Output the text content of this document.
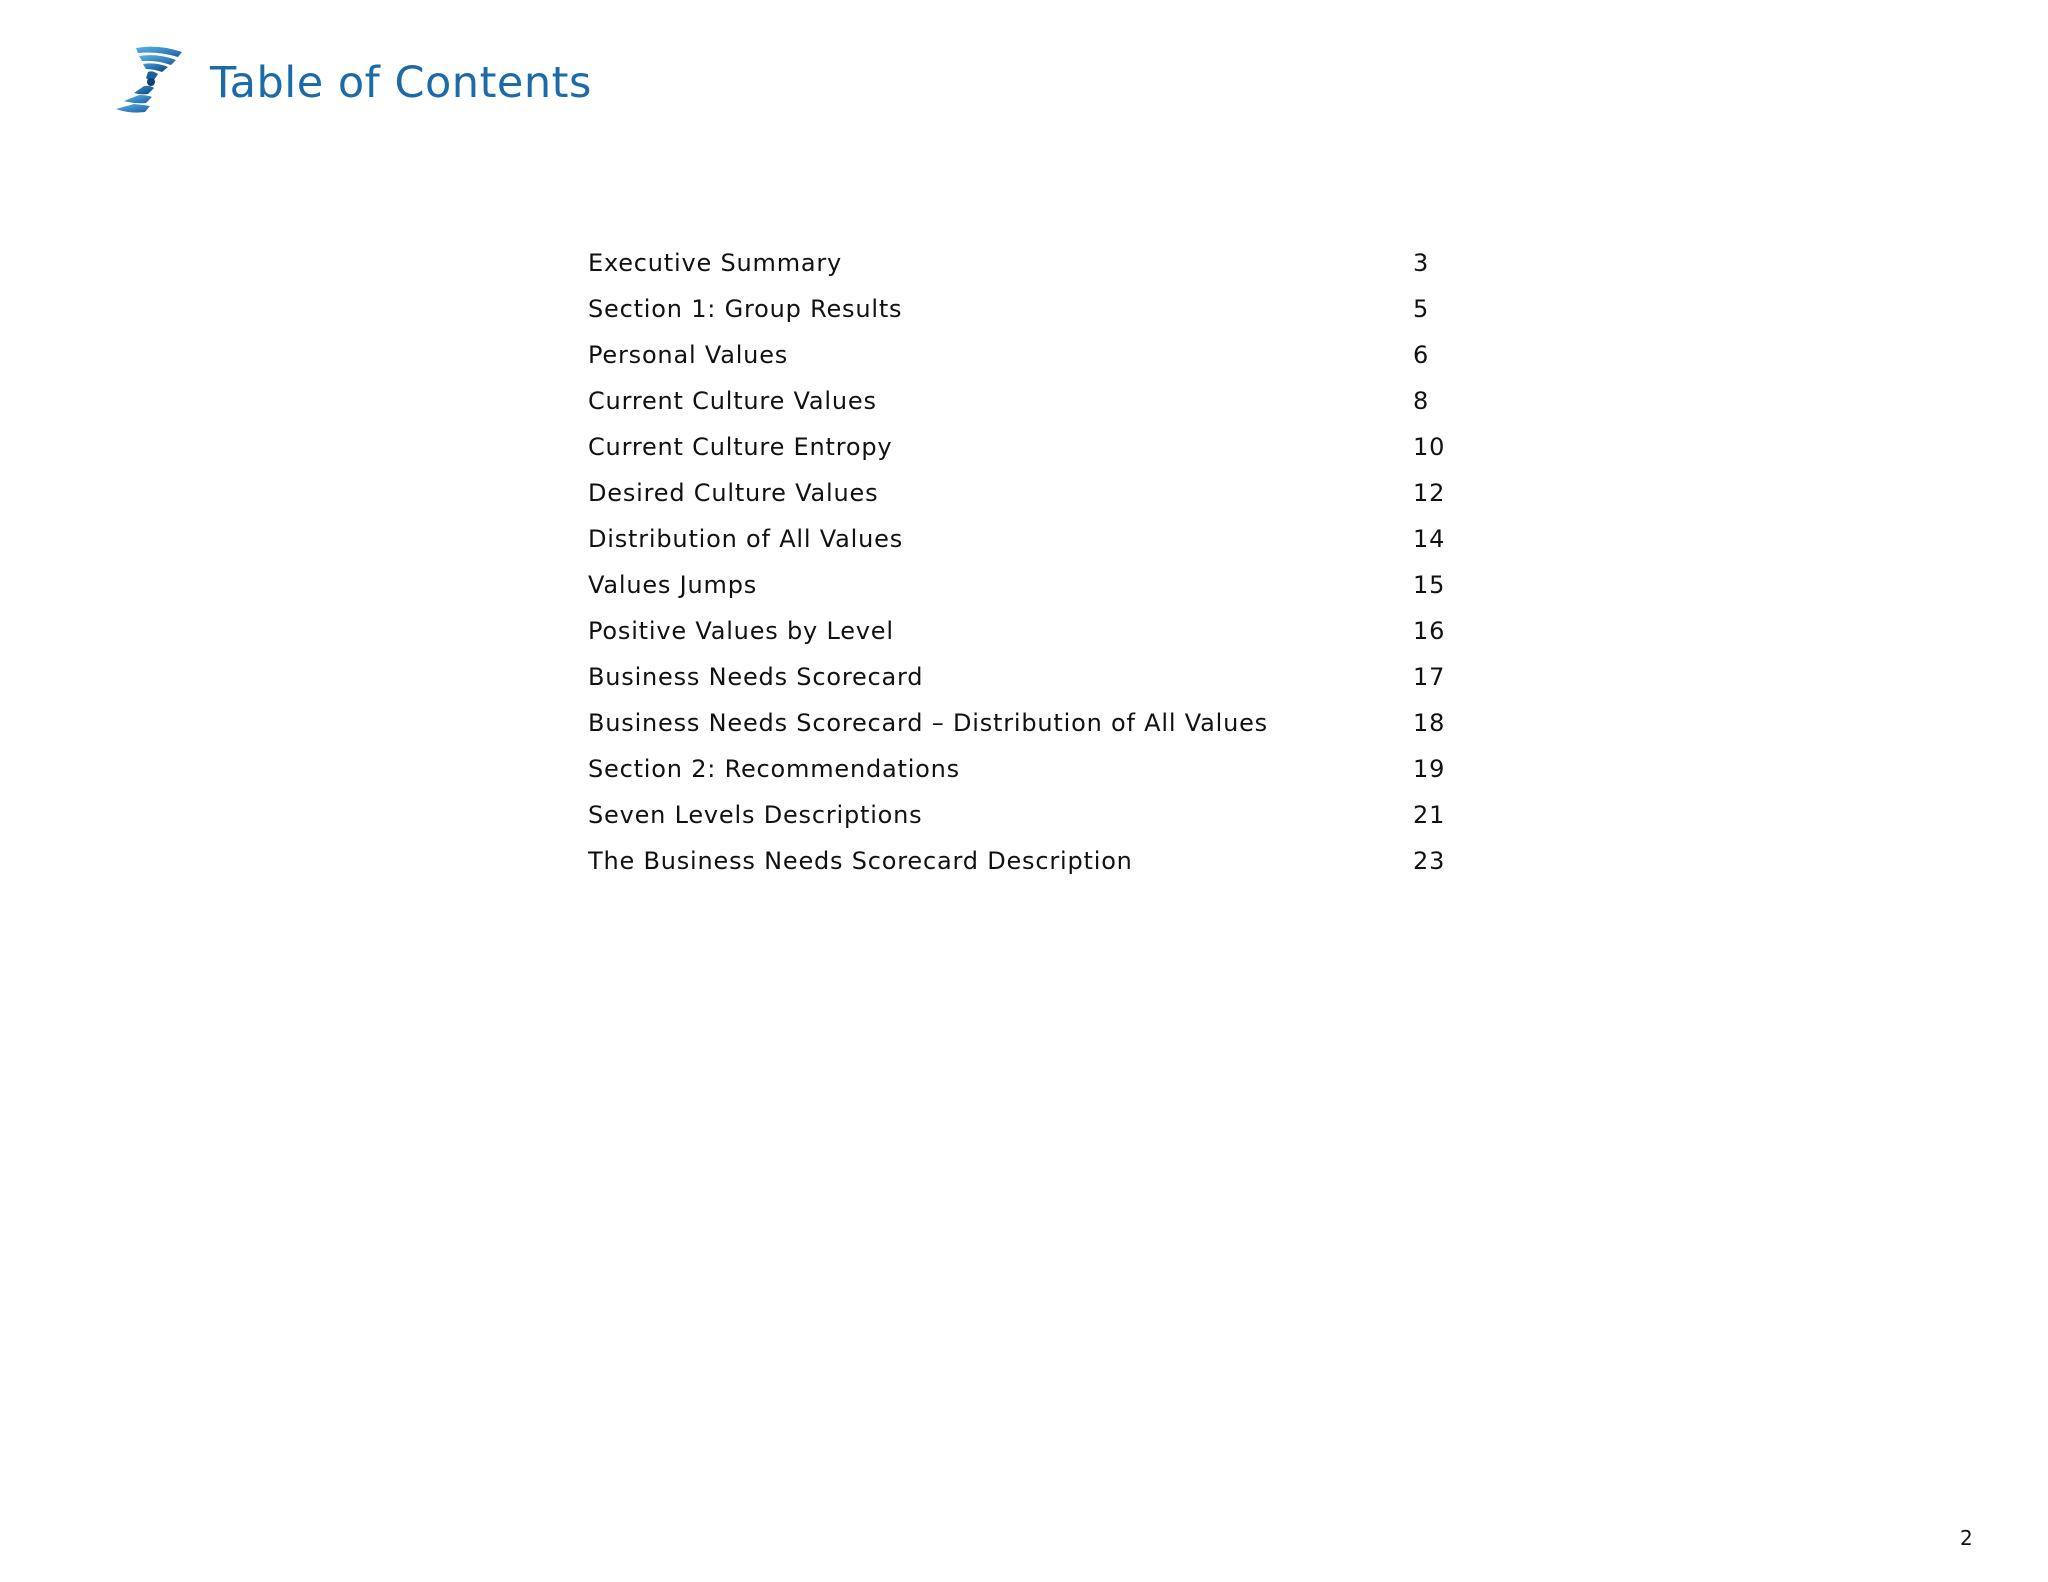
Table of Contents
Executive Summary	3
Section 1: Group Results	5
Personal Values	6
Current Culture Values	8
Current Culture Entropy	10
Desired Culture Values	12
Distribution of All Values	14
Values Jumps	15
Positive Values by Level	16
Business Needs Scorecard	17
Business Needs Scorecard – Distribution of All Values	18
Section 2: Recommendations	19
Seven Levels Descriptions	21
The Business Needs Scorecard Description	23
2
